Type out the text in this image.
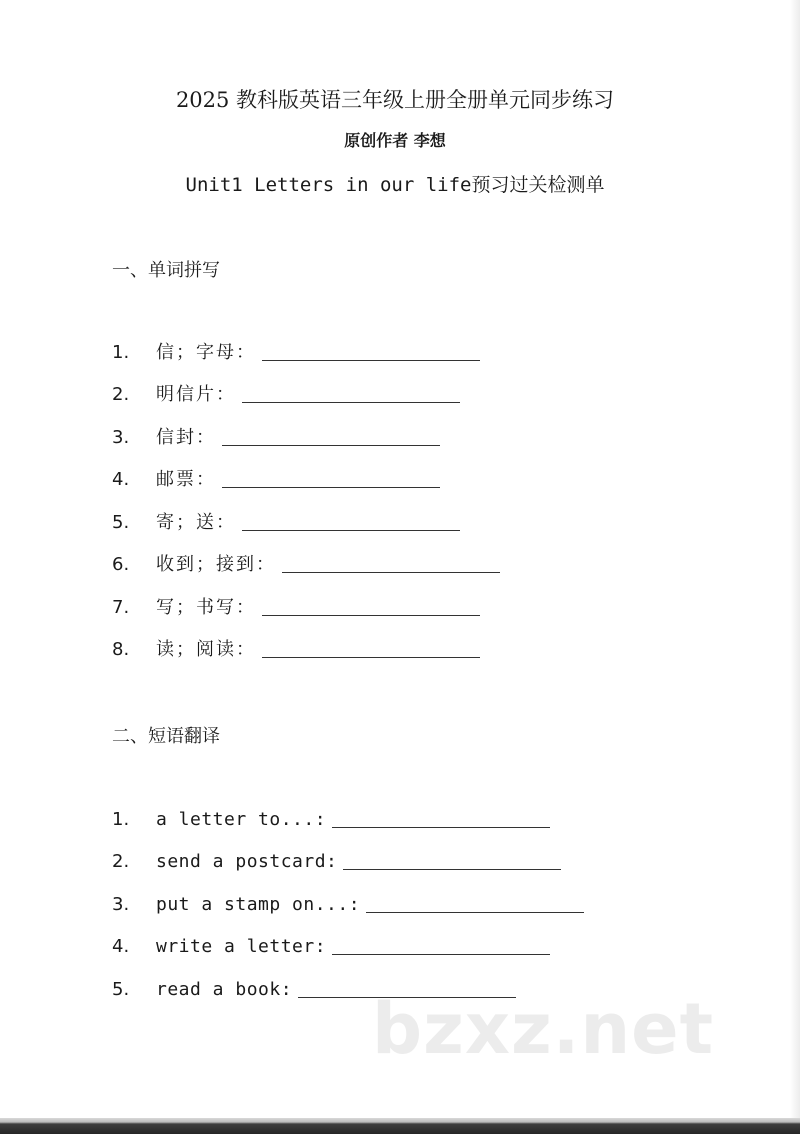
2025 教科版英语三年级上册全册单元同步练习
原创作者 李想
Unit1 Letters in our life预习过关检测单
一、单词拼写
1. 信；字母：
2. 明信片：
3. 信封：
4. 邮票：
5. 寄；送：
6. 收到；接到：
7. 写；书写：
8. 读；阅读：
二、短语翻译
1. a letter to...:
2. send a postcard:
3. put a stamp on...:
4. write a letter:
5. read a book:	bzxz.net
